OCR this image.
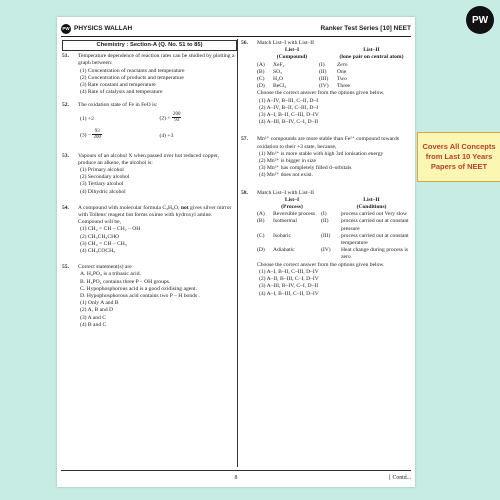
PW
PW PHYSICS WALLAH	Ranker Test Series [10] NEET
Chemistry : Section-A (Q. No. 51 to 85)
51.	Temperature dependence of reaction rates can be studied by plotting a graph between:
(1) Concentration of reactants and temperature
(2) Concentration of products and temperature
(3) Rate constant and temperature
(4) Rate of catalysis and temperature
52.	The oxidation state of Fe in FeO is:
(1) +2	$(2) + \frac{200}{93}$
$(3) - \frac{93}{200}$	(4) +3
53.	Vapours of an alcohol X when passed over hot reduced copper, produce an alkene, the alcohol is:
(1) Primary alcohol
(2) Secondary alcohol
(3) Tertiary alcohol
(4) Dihydric alcohol
54.	A compound with molecular formula C₃H₆O, not gives silver mirror with Tollens' reagent but forms oxime with hydroxyl amine. Compound will be,
(1) CH₂ = CH – CH₂ – OH
(2) CH₃CH₂CHO
(3) CH₂ = CH – CH₃
(4) CH₃COCH₃
55.	Correct statement(s) are
A. H₃PO₃ is a tribasic acid.
B. H₃PO₄ contains three P – OH groups.
C. Hypophosphorous acid is a good oxidising agent.
D. Hypophosphorous acid contains two P – H bonds .
(1) Only A and B
(2) A, B and D
(3) A and C
(4) B and C
56.	Match List–I with List–II
List–I
(Compound)
List–II
(lone pair on central atom)
(A)	XeF₂	(I)	Zero
(B)	SO₃	(II)	One
(C)	H₂O	(III)	Two
(D)	BeCl₂	(IV)	Three
Choose the correct answer from the options given below.
(1) A–IV, B–III, C–II, D–I
(2) A–IV, B–II, C–III, D–I
(3) A–I, B–II, C–III, D–IV
(4) A–III, B–IV, C–I, D–II
57.	Mn²⁺ compounds are more stable than Fe²⁺ compound towards oxidation to their +3 state, because,
(1) Mn²⁺ is more stable with high 3rd ionisation energy
(2) Mn²⁺ is bigger in size
(3) Mn²⁺ has completely filled d–orbitals
(4) Mn²⁺ does not exist.
58.	Match List–I with List–II
List–I
(Process)
List–II
(Conditions)
(A)	Reversible process	(I)	process carried out Very slow
(B)	Isothermal	(II)	process carried out at constant pressure
(C)	Isobaric	(III)	process carried out at constant temperature
(D)	Adiabatic	(IV)	Heat change during process is zero
Choose the correct answer from the options given below.
(1) A–I, B–II, C–III, D–IV
(2) A–II, B–III, C–I, D–IV
(3) A–III, B–IV, C–I, D–II
(4) A–I, B–III, C–II, D–IV
8	[ Contd...
Covers All Concepts
from Last 10 Years
Papers of NEET
